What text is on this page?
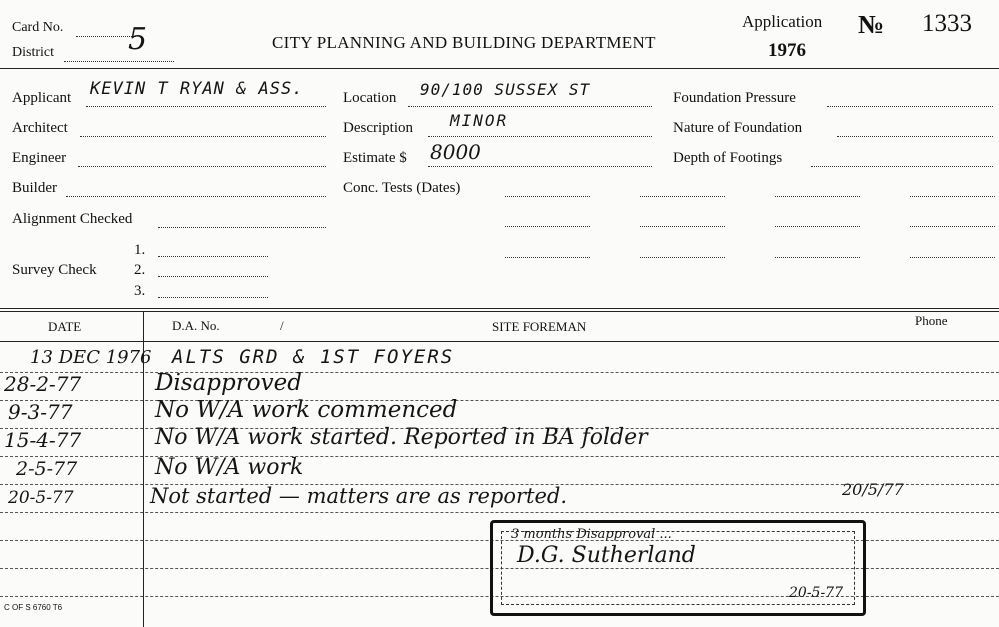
Card No.
District 5	CITY PLANNING AND BUILDING DEPARTMENT
Application
1976
№ 1333
Applicant KEVIN T RYAN & ASS.
Architect
Engineer
Builder
Alignment Checked
Survey Check
1.
2.
3.
Location 90/100 SUSSEX ST
Description MINOR
Estimate $ 8000
Conc. Tests (Dates)
Foundation Pressure
Nature of Foundation
Depth of Footings
DATE	D.A. No.	/	SITE FOREMAN	Phone
13 DEC 1976 ALTS GRD & 1ST FOYERS
28-2-77	Disapproved
9-3-77	No W/A work commenced
15-4-77	No W/A work started. Reported in BA folder
2-5-77	No W/A work
20-5-77	Not started — matters are as reported.	20/5/77
3 months Disapproval ...
D.G. Sutherland
20-5-77
C OF S 6760 T6
